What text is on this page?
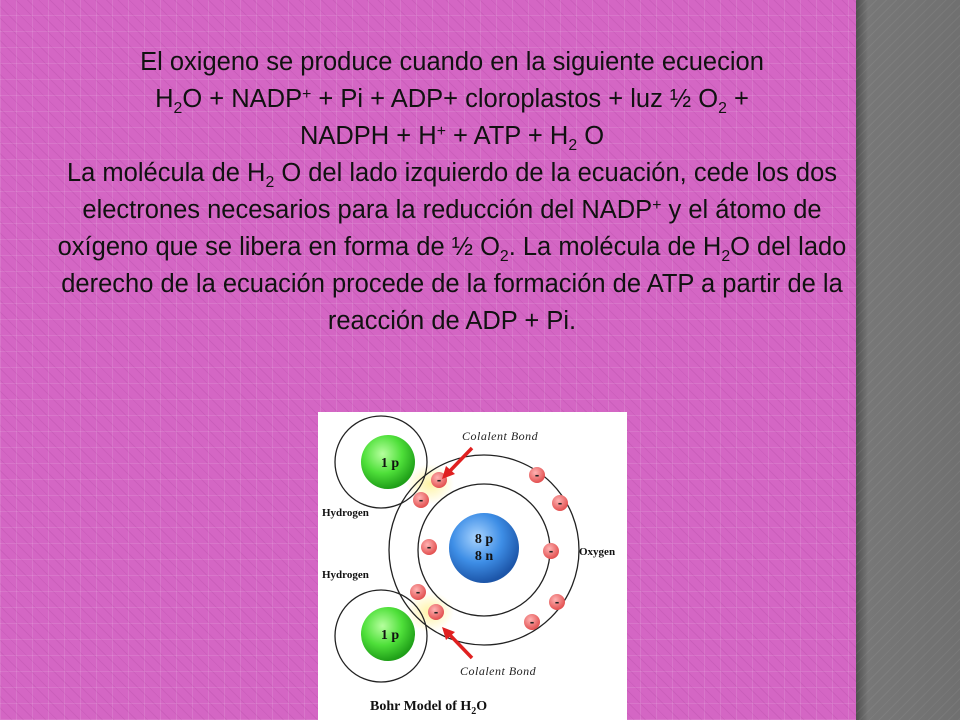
El oxigeno se produce cuando en la siguiente ecuecion
$H_2O$ + NADP+ + Pi + ADP+ cloroplastos + luz ½ $O_2$ +
NADPH + H+ + ATP + $H_2$ O

La molécula de $H_2$ O del lado izquierdo de la ecuación, cede los dos electrones necesarios para la reducción del NADP+ y el átomo de oxígeno que se libera en forma de ½ $O_2$. La molécula de $H_2O$ del lado derecho de la ecuación procede de la formación de ATP a partir de la reacción de ADP + Pi.

1 p
1 p
8 p
8 n
-
-
-
-
-	-
-
-
-
-
Colalent Bond
Colalent Bond
Hydrogen
Hydrogen
Oxygen
Bohr Model of $H_2O$
